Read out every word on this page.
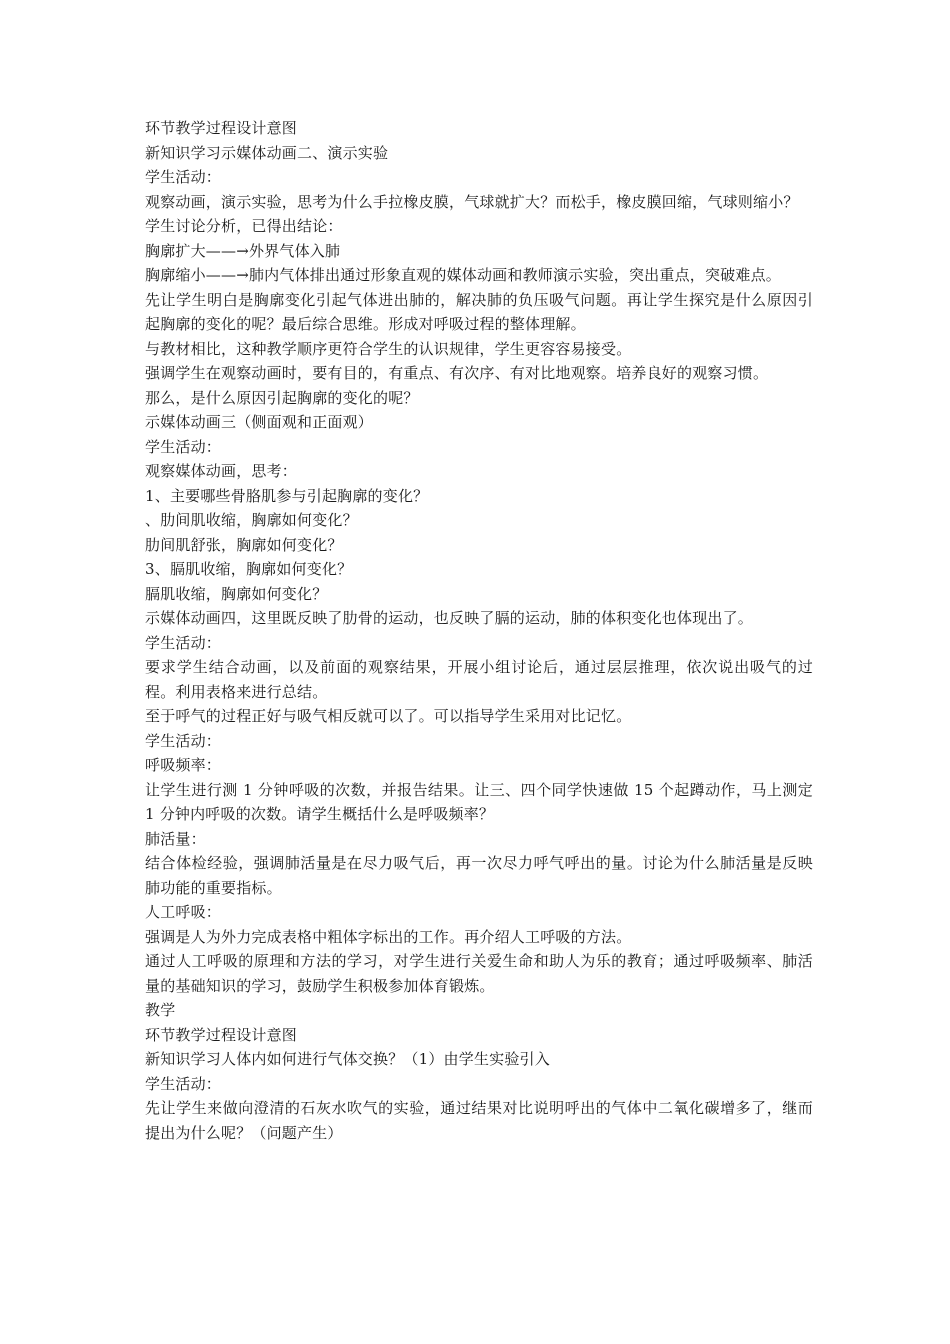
环节教学过程设计意图

新知识学习示媒体动画二、演示实验

学生活动：

观察动画，演示实验，思考为什么手拉橡皮膜，气球就扩大？而松手，橡皮膜回缩，气球则缩小？

学生讨论分析，已得出结论：

胸廓扩大——→外界气体入肺

胸廓缩小——→肺内气体排出通过形象直观的媒体动画和教师演示实验，突出重点，突破难点。

先让学生明白是胸廓变化引起气体进出肺的，解决肺的负压吸气问题。再让学生探究是什么原因引起胸廓的变化的呢？最后综合思维。形成对呼吸过程的整体理解。

与教材相比，这种教学顺序更符合学生的认识规律，学生更容容易接受。

强调学生在观察动画时，要有目的，有重点、有次序、有对比地观察。培养良好的观察习惯。

那么，是什么原因引起胸廓的变化的呢？

示媒体动画三（侧面观和正面观）

学生活动：

观察媒体动画，思考：

1、主要哪些骨胳肌参与引起胸廓的变化？

、肋间肌收缩，胸廓如何变化？

肋间肌舒张，胸廓如何变化？

3、膈肌收缩，胸廓如何变化？

膈肌收缩，胸廓如何变化？

示媒体动画四，这里既反映了肋骨的运动，也反映了膈的运动，肺的体积变化也体现出了。

学生活动：

要求学生结合动画，以及前面的观察结果，开展小组讨论后，通过层层推理，依次说出吸气的过程。利用表格来进行总结。

至于呼气的过程正好与吸气相反就可以了。可以指导学生采用对比记忆。

学生活动：

呼吸频率：

让学生进行测 1 分钟呼吸的次数，并报告结果。让三、四个同学快速做 15 个起蹲动作，马上测定 1 分钟内呼吸的次数。请学生概括什么是呼吸频率？

肺活量：

结合体检经验，强调肺活量是在尽力吸气后，再一次尽力呼气呼出的量。讨论为什么肺活量是反映肺功能的重要指标。

人工呼吸：

强调是人为外力完成表格中粗体字标出的工作。再介绍人工呼吸的方法。

通过人工呼吸的原理和方法的学习，对学生进行关爱生命和助人为乐的教育；通过呼吸频率、肺活量的基础知识的学习，鼓励学生积极参加体育锻炼。

教学

环节教学过程设计意图

新知识学习人体内如何进行气体交换？（1）由学生实验引入

学生活动：

先让学生来做向澄清的石灰水吹气的实验，通过结果对比说明呼出的气体中二氧化碳增多了，继而提出为什么呢？（问题产生）
